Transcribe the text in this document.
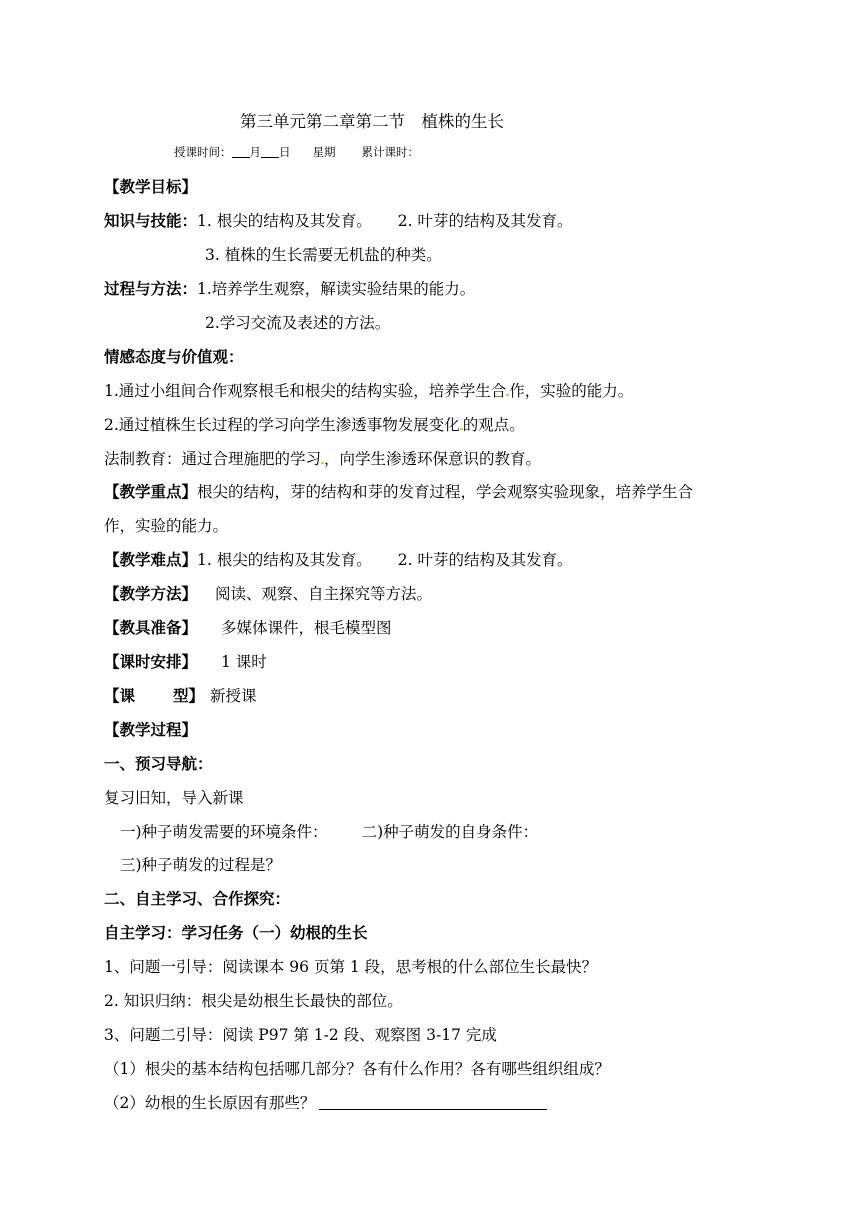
第三单元第二章第二节　植株的生长
授课时间： 月 日 星期 累计课时：
【教学目标】
知识与技能：1. 根尖的结构及其发育。 2. 叶芽的结构及其发育。
3. 植株的生长需要无机盐的种类。
过程与方法：1.培养学生观察，解读实验结果的能力。
2.学习交流及表述的方法。
情感态度与价值观：
1.通过小组间合作观察根毛和根尖的结构实验，培养学生合 作，实验的能力。
2.通过植株生长过程的学习向学生渗透事物发展变化 的观点。
法制教育：通过合理施肥的学习 ，向学生渗透环保意识的教育。
【教学重点】根尖的结构，芽的结构和芽的发育过程，学会观察实验现象，培养学生合
作，实验的能力。
【教学难点】1. 根尖的结构及其发育。 2. 叶芽的结构及其发育。
【教学方法】 阅读、观察、自主探究等方法。
【教具准备】 多媒体课件，根毛模型图
【课时安排】 1 课时
【课 型】 新授课
【教学过程】
一、预习导航：
复习旧知，导入新课
一)种子萌发需要的环境条件： 二)种子萌发的自身条件：
三)种子萌发的过程是？
二、自主学习、合作探究：
自主学习：学习任务（一）幼根的生长
1、问题一引导：阅读课本 96 页第 1 段，思考根的什么部位生长最快？
2. 知识归纳：根尖是幼根生长最快的部位。
3、问题二引导：阅读 P97 第 1-2 段、观察图 3-17 完成
（1）根尖的基本结构包括哪几部分？各有什么作用？各有哪些组织组成？
（2）幼根的生长原因有那些？
